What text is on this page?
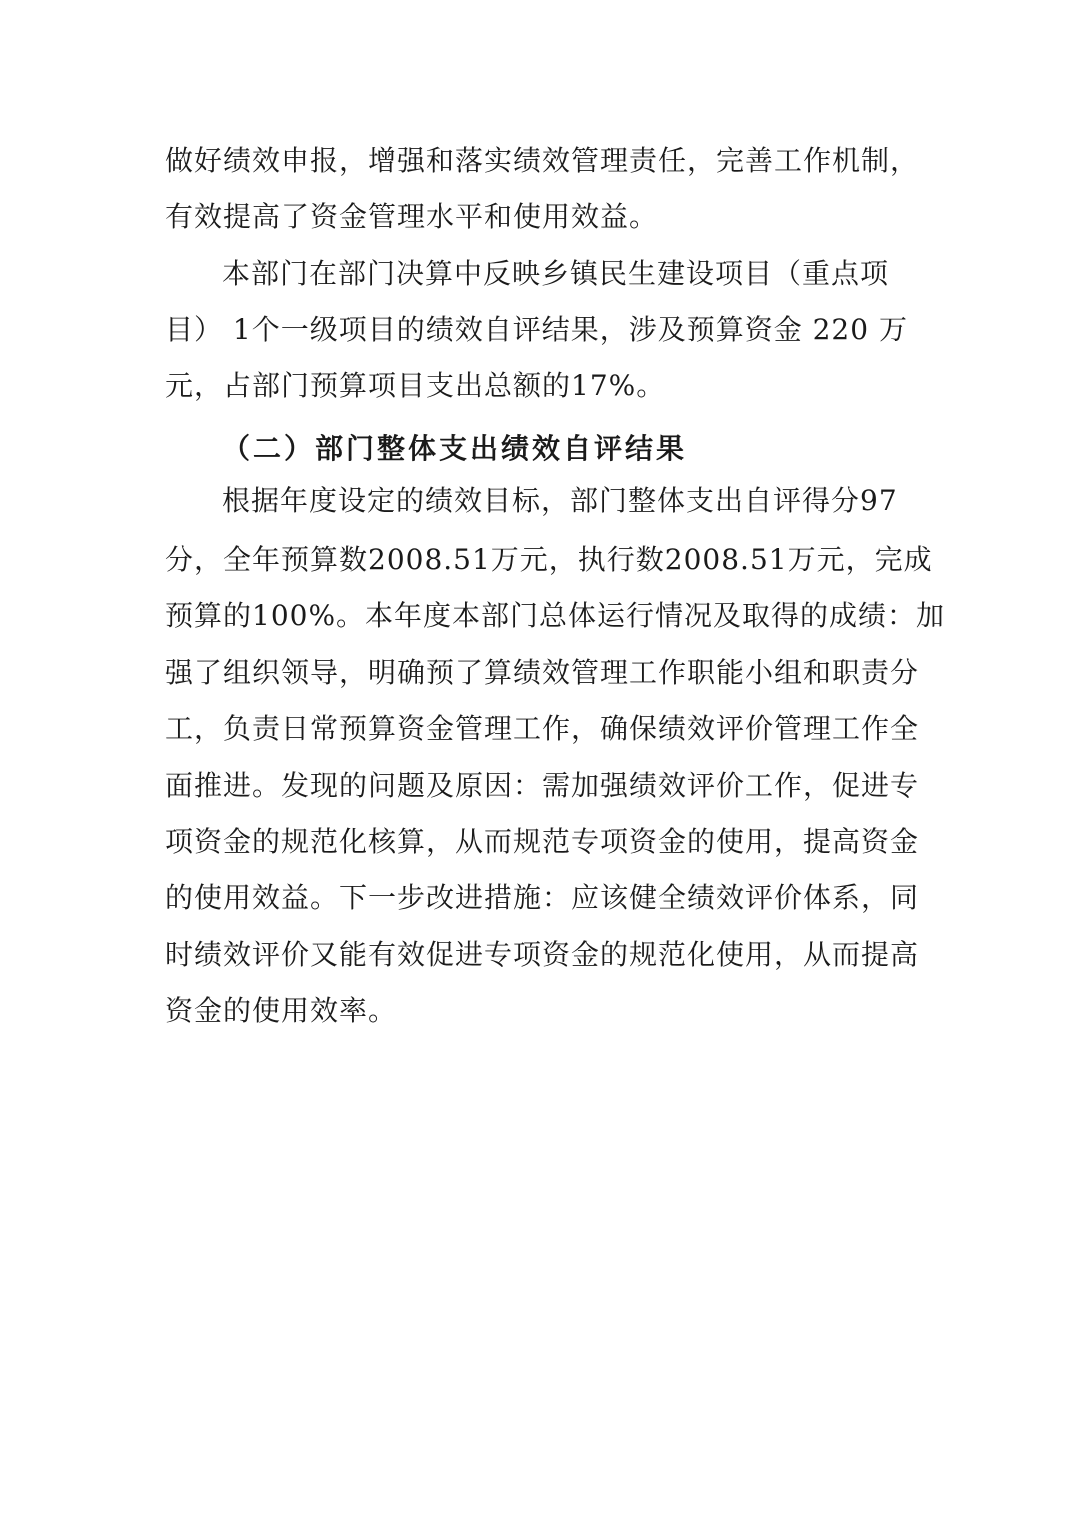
做好绩效申报，增强和落实绩效管理责任，完善工作机制，
有效提高了资金管理水平和使用效益。
本部门在部门决算中反映乡镇民生建设项目（重点项
目） 1个一级项目的绩效自评结果，涉及预算资金 220 万
元，占部门预算项目支出总额的17%。
（二）部门整体支出绩效自评结果
根据年度设定的绩效目标，部门整体支出自评得分97
分，全年预算数2008.51万元，执行数2008.51万元，完成
预算的100%。本年度本部门总体运行情况及取得的成绩：加
强了组织领导，明确预了算绩效管理工作职能小组和职责分
工，负责日常预算资金管理工作，确保绩效评价管理工作全
面推进。发现的问题及原因：需加强绩效评价工作，促进专
项资金的规范化核算，从而规范专项资金的使用，提高资金
的使用效益。下一步改进措施：应该健全绩效评价体系，同
时绩效评价又能有效促进专项资金的规范化使用，从而提高
资金的使用效率。
